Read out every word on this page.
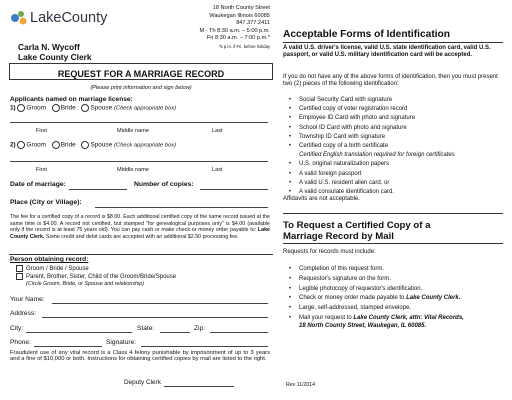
LakeCounty
18 North County Street
Waukegan Illinois 60085
847.377.2411
M - Th 8:30 a.m. – 5:00 p.m.
Fri 8:30 a.m. – 7:00 p.m.*
*5 p.m. if Fri. before holiday
Carla N. Wycoff
Lake County Clerk
REQUEST FOR A MARRIAGE RECORD
(Please print information and sign below)
Applicants named on marriage license:
1) Groom Bride Spouse (Check appropriate box)
First	Middle name	Last
2) Groom Bride Spouse (Check appropriate box)
First	Middle name	Last
Date of marriage:	Number of copies:
Place (City or Village):
The fee for a certified copy of a record is $8.00. Each additional certified copy of the same record issued at the same time is $4.00. A record not certified, but stamped "for genealogical purposes only" is $4.00 (available only if the record is at least 75 years old). You can pay cash or make check or money order payable to: Lake County Clerk. Some credit and debit cards are accepted with an additional $2.50 processing fee.
Person obtaining record:
Groom / Bride / Spouse
Parent, Brother, Sister, Child of the Groom/Bride/Spouse
(Circle Groom, Bride, or Spouse and relationship)
Your Name:
Address:
City:	State:	Zip:
Phone:	Signature:
Fraudulent use of any vital record is a Class 4 felony punishable by imprisonment of up to 3 years and a fine of $10,000 or both. Instructions for obtaining certified copies by mail are listed to the right.
Deputy Clerk
Acceptable Forms of Identification
A valid U.S. driver's license, valid U.S. state identification card, valid U.S. passport, or valid U.S. military identification card will be accepted.
If you do not have any of the above forms of identification, then you must present two (2) pieces of the following identification:
• Social Security Card with signature
• Certified copy of voter registration record
• Employee ID Card with photo and signature
• School ID Card with photo and signature
• Township ID Card with signature
• Certified copy of a birth certificate
Certified English translation required for foreign certificates
• U.S. original naturalization papers
• A valid foreign passport
• A valid U.S. resident alien card, or
• A valid consulate identification card.
Affidavits are not acceptable.
To Request a Certified Copy of a
Marriage Record by Mail
Requests for records must include:
• Completion of this request form.
• Requestor's signature on the form.
• Legible photocopy of requestor's identification.
• Check or money order made payable to Lake County Clerk.
• Large, self-addressed, stamped envelope.
• Mail your request to Lake County Clerk, attn: Vital Records,
18 North County Street, Waukegan, IL 60085.
Rev 11/2014
